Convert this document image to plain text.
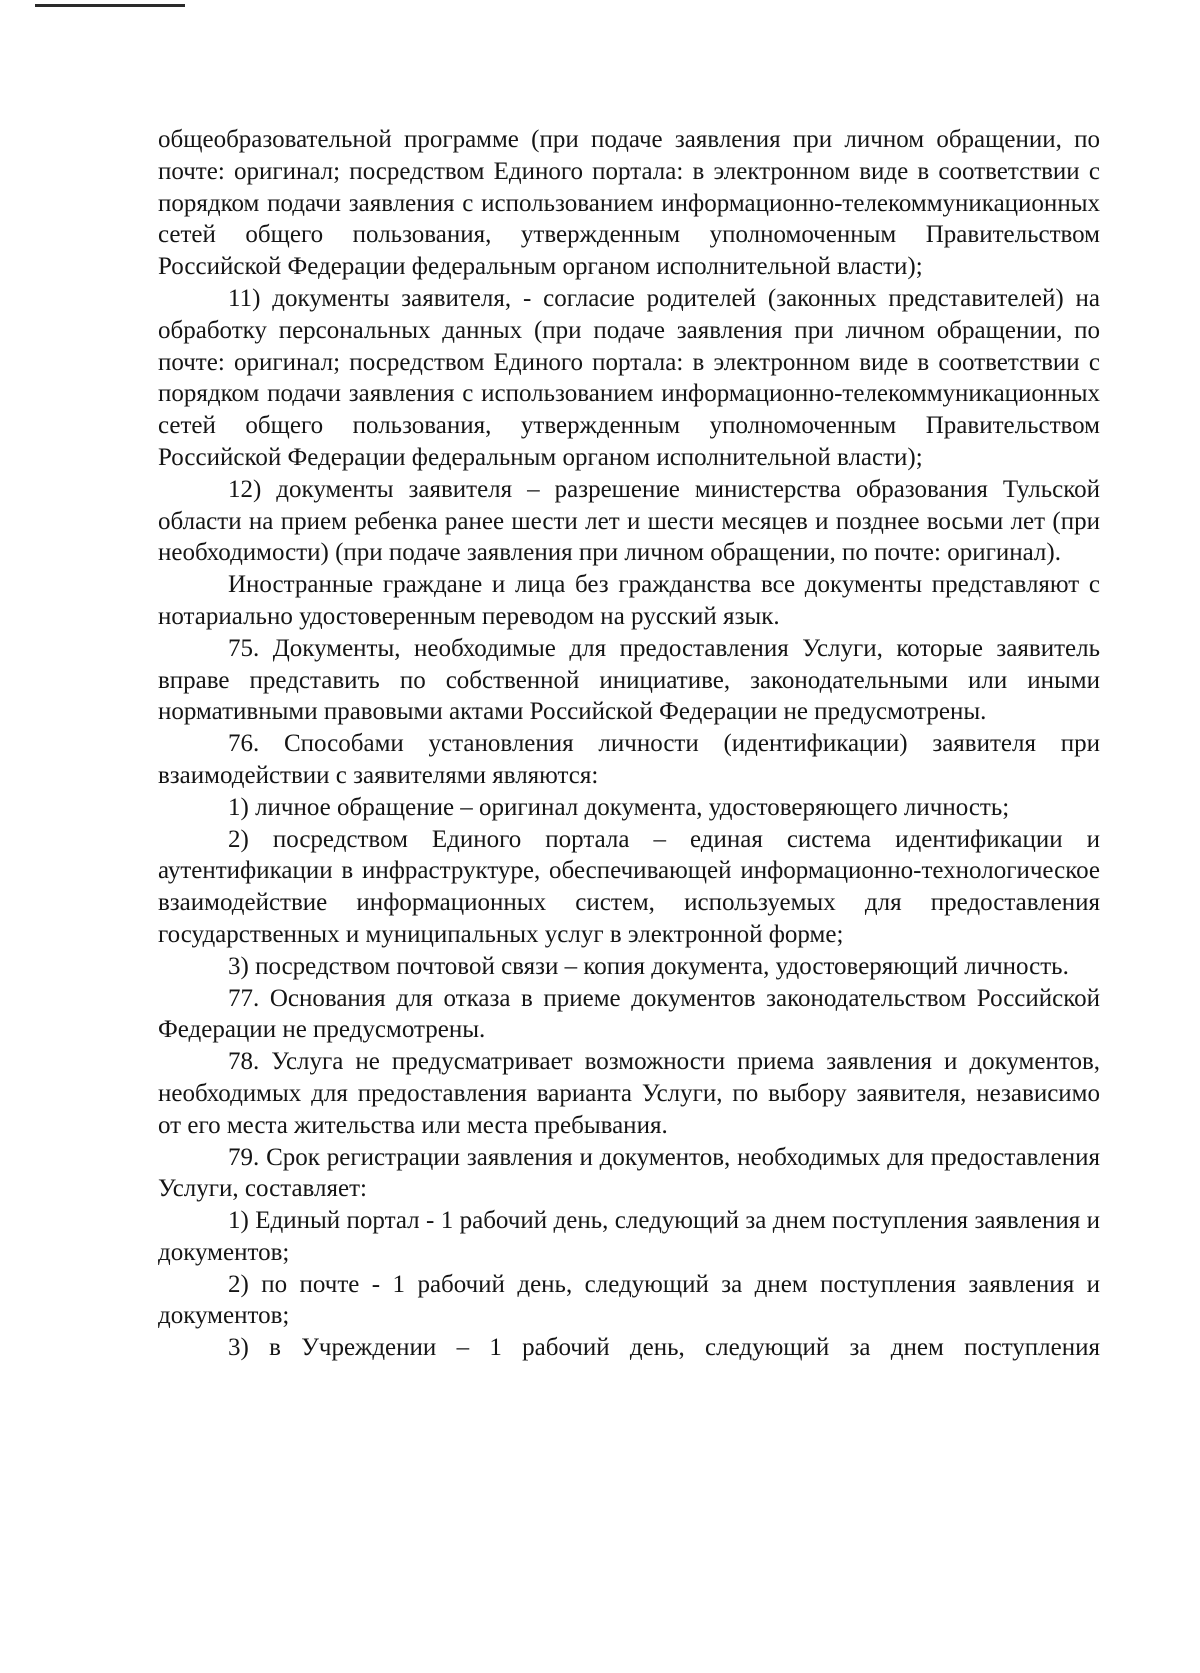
общеобразовательной программе (при подаче заявления при личном обращении, по почте: оригинал; посредством Единого портала: в электронном виде в соответствии с порядком подачи заявления с использованием информационно-телекоммуникационных сетей общего пользования, утвержденным уполномоченным Правительством Российской Федерации федеральным органом исполнительной власти);

11) документы заявителя, - согласие родителей (законных представителей) на обработку персональных данных (при подаче заявления при личном обращении, по почте: оригинал; посредством Единого портала: в электронном виде в соответствии с порядком подачи заявления с использованием информационно-телекоммуникационных сетей общего пользования, утвержденным уполномоченным Правительством Российской Федерации федеральным органом исполнительной власти);

12) документы заявителя – разрешение министерства образования Тульской области на прием ребенка ранее шести лет и шести месяцев и позднее восьми лет (при необходимости) (при подаче заявления при личном обращении, по почте: оригинал).

Иностранные граждане и лица без гражданства все документы представляют с нотариально удостоверенным переводом на русский язык.

75. Документы, необходимые для предоставления Услуги, которые заявитель вправе представить по собственной инициативе, законодательными или иными нормативными правовыми актами Российской Федерации не предусмотрены.

76. Способами установления личности (идентификации) заявителя при взаимодействии с заявителями являются:

1) личное обращение – оригинал документа, удостоверяющего личность;

2) посредством Единого портала – единая система идентификации и аутентификации в инфраструктуре, обеспечивающей информационно-технологическое взаимодействие информационных систем, используемых для предоставления государственных и муниципальных услуг в электронной форме;

3) посредством почтовой связи – копия документа, удостоверяющий личность.

77. Основания для отказа в приеме документов законодательством Российской Федерации не предусмотрены.

78. Услуга не предусматривает возможности приема заявления и документов, необходимых для предоставления варианта Услуги, по выбору заявителя, независимо от его места жительства или места пребывания.

79. Срок регистрации заявления и документов, необходимых для предоставления Услуги, составляет:

1) Единый портал - 1 рабочий день, следующий за днем поступления заявления и документов;

2) по почте - 1 рабочий день, следующий за днем поступления заявления и документов;

3) в Учреждении – 1 рабочий день, следующий за днем поступления
